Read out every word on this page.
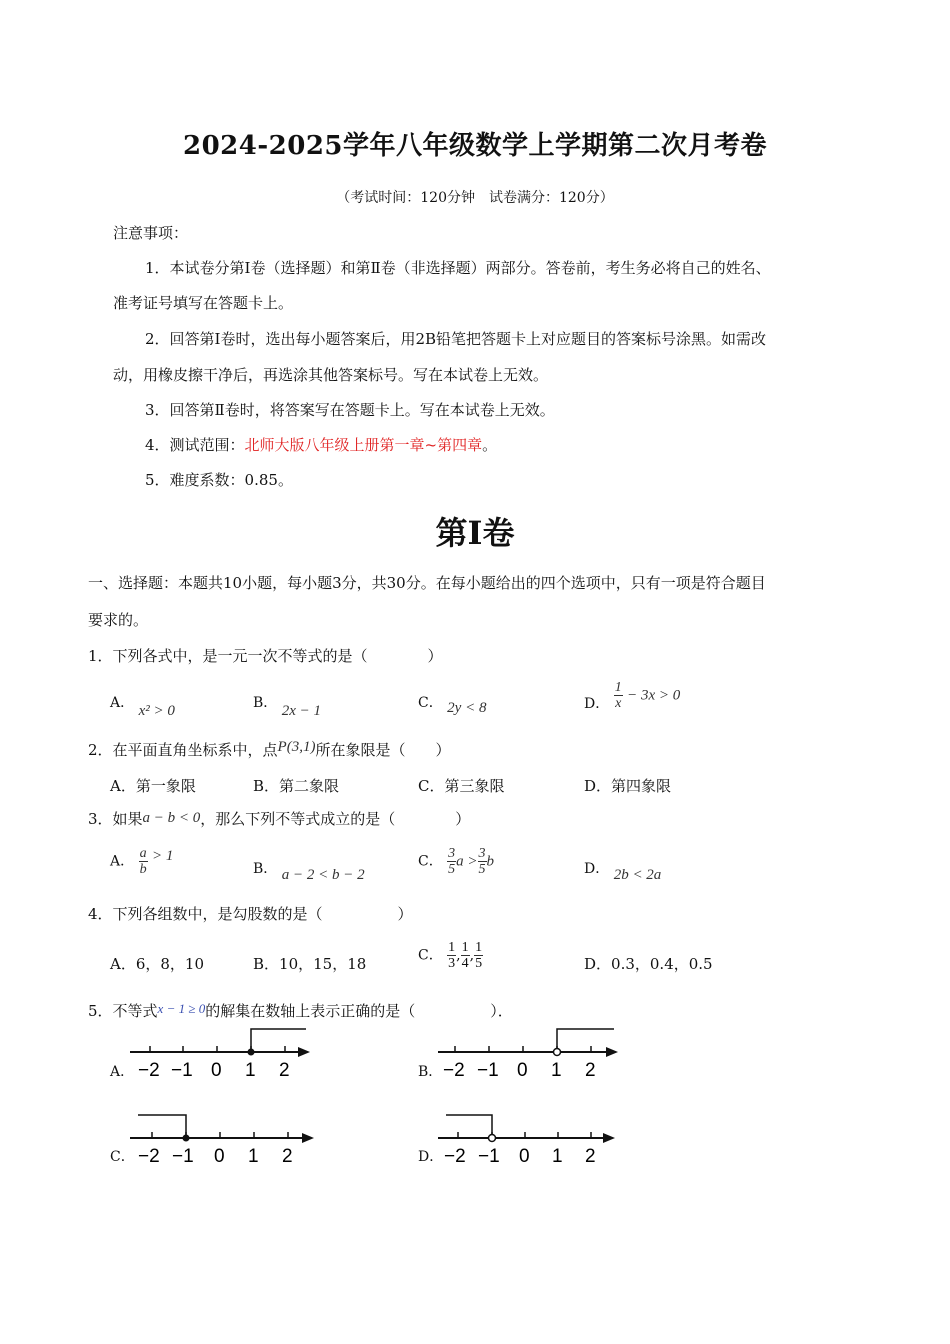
2024-2025学年八年级数学上学期第二次月考卷
（考试时间：120分钟　试卷满分：120分）
注意事项：
1．本试卷分第Ⅰ卷（选择题）和第Ⅱ卷（非选择题）两部分。答卷前，考生务必将自己的姓名、
准考证号填写在答题卡上。
2．回答第Ⅰ卷时，选出每小题答案后，用2B铅笔把答题卡上对应题目的答案标号涂黑。如需改
动，用橡皮擦干净后，再选涂其他答案标号。写在本试卷上无效。
3．回答第Ⅱ卷时，将答案写在答题卡上。写在本试卷上无效。
4．测试范围：北师大版八年级上册第一章~第四章。
5．难度系数：0.85。
第Ⅰ卷
一、选择题：本题共10小题，每小题3分，共30分。在每小题给出的四个选项中，只有一项是符合题目
要求的。
1．下列各式中，是一元一次不等式的是（　　　　）
A． x² > 0	B． 2x − 1	C． 2y < 8	D． $\frac{1}{x} - 3x > 0$
2．在平面直角坐标系中，点P(3,1)所在象限是（　　）
A．第一象限	B．第二象限	C．第三象限	D．第四象限
3．如果a − b < 0，那么下列不等式成立的是（　　　　）
A． $\frac{a}{b} > 1$
B． a − 2 < b − 2
C． $\frac{3}{5}$ $a > \frac{3}{5}$ b	D． 2b < 2a
4．下列各组数中，是勾股数的是（　　　　　）
A．6，8，10	B．10，15，18	C． $\frac{1}{3}$ , $\frac{1}{4}$ , $\frac{1}{5}$	D．0.3，0.4，0.5
5．不等式x − 1 ≥ 0的解集在数轴上表示正确的是（　　　　　）．
A． −2 −1 0 1 2	B． −2 −1 0 1 2
C． −2 −1 0 1 2	D． −2 −1 0 1 2
